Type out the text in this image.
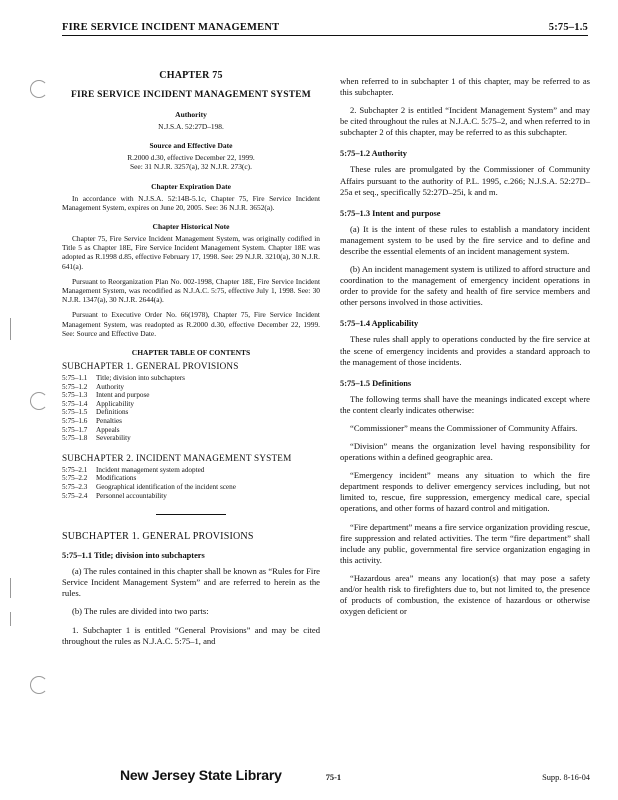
FIRE SERVICE INCIDENT MANAGEMENT	5:75–1.5

CHAPTER 75

FIRE SERVICE INCIDENT MANAGEMENT SYSTEM

Authority

N.J.S.A. 52:27D–198.

Source and Effective Date

R.2000 d.30, effective December 22, 1999.

See: 31 N.J.R. 3257(a), 32 N.J.R. 273(c).

Chapter Expiration Date

In accordance with N.J.S.A. 52:14B-5.1c, Chapter 75, Fire Service Incident Management System, expires on June 20, 2005. See: 36 N.J.R. 3652(a).

Chapter Historical Note

Chapter 75, Fire Service Incident Management System, was originally codified in Title 5 as Chapter 18E, Fire Service Incident Management System. Chapter 18E was adopted as R.1998 d.85, effective February 17, 1998. See: 29 N.J.R. 3210(a), 30 N.J.R. 641(a).

Pursuant to Reorganization Plan No. 002-1998, Chapter 18E, Fire Service Incident Management System, was recodified as N.J.A.C. 5:75, effective July 1, 1998. See: 30 N.J.R. 1347(a), 30 N.J.R. 2644(a).

Pursuant to Executive Order No. 66(1978), Chapter 75, Fire Service Incident Management System, was readopted as R.2000 d.30, effective December 22, 1999. See: Source and Effective Date.

CHAPTER TABLE OF CONTENTS

SUBCHAPTER 1. GENERAL PROVISIONS

5:75–1.1	Title; division into subchapters
5:75–1.2	Authority
5:75–1.3	Intent and purpose
5:75–1.4	Applicability
5:75–1.5	Definitions
5:75–1.6	Penalties
5:75–1.7	Appeals
5:75–1.8	Severability

SUBCHAPTER 2. INCIDENT MANAGEMENT SYSTEM

5:75–2.1	Incident management system adopted
5:75–2.2	Modifications
5:75–2.3	Geographical identification of the incident scene
5:75–2.4	Personnel accountability

SUBCHAPTER 1. GENERAL PROVISIONS

5:75–1.1 Title; division into subchapters

(a) The rules contained in this chapter shall be known as “Rules for Fire Service Incident Management System” and are referred to herein as the rules.

(b) The rules are divided into two parts:

1. Subchapter 1 is entitled “General Provisions” and may be cited throughout the rules as N.J.A.C. 5:75–1, and

when referred to in subchapter 1 of this chapter, may be referred to as this subchapter.

2. Subchapter 2 is entitled “Incident Management System” and may be cited throughout the rules at N.J.A.C. 5:75–2, and when referred to in subchapter 2 of this chapter, may be referred to as this subchapter.

5:75–1.2 Authority

These rules are promulgated by the Commissioner of Community Affairs pursuant to the authority of P.L. 1995, c.266; N.J.S.A. 52:27D–25a et seq., specifically 52:27D–25i, k and m.

5:75–1.3 Intent and purpose

(a) It is the intent of these rules to establish a mandatory incident management system to be used by the fire service and to define and describe the essential elements of an incident management system.

(b) An incident management system is utilized to afford structure and coordination to the management of emergency incident operations in order to provide for the safety and health of fire service members and other persons involved in those activities.

5:75–1.4 Applicability

These rules shall apply to operations conducted by the fire service at the scene of emergency incidents and provides a standard approach to the management of those incidents.

5:75–1.5 Definitions

The following terms shall have the meanings indicated except where the content clearly indicates otherwise:

“Commissioner” means the Commissioner of Community Affairs.

“Division” means the organization level having responsibility for operations within a defined geographic area.

“Emergency incident” means any situation to which the fire department responds to deliver emergency services including, but not limited to, rescue, fire suppression, emergency medical care, special operations, and other forms of hazard control and mitigation.

“Fire department” means a fire service organization providing rescue, fire suppression and related activities. The term “fire department” shall include any public, governmental fire service organization engaging in this activity.

“Hazardous area” means any location(s) that may pose a safety and/or health risk to firefighters due to, but not limited to, the presence of products of combustion, the existence of hazardous or otherwise oxygen deficient or

New Jersey State Library	75-1	Supp. 8-16-04
